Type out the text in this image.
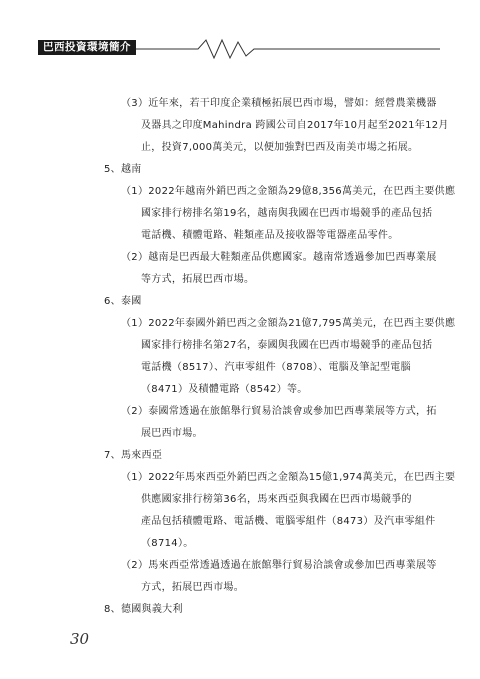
巴西投資環境簡介
（3）近年來，若干印度企業積極拓展巴西市場，譬如：經營農業機器
及器具之印度Mahindra 跨國公司自2017年10月起至2021年12月
止，投資7,000萬美元，以便加強對巴西及南美市場之拓展。
5、越南
（1）2022年越南外銷巴西之金額為29億8,356萬美元，在巴西主要供應
國家排行榜排名第19名，越南與我國在巴西市場競爭的產品包括
電話機、積體電路、鞋類產品及接收器等電器產品零件。
（2）越南是巴西最大鞋類產品供應國家。越南常透過參加巴西專業展
等方式，拓展巴西市場。
6、泰國
（1）2022年泰國外銷巴西之金額為21億7,795萬美元，在巴西主要供應
國家排行榜排名第27名，泰國與我國在巴西市場競爭的產品包括
電話機（8517）、汽車零組件（8708）、電腦及筆記型電腦
（8471）及積體電路（8542）等。
（2）泰國常透過在旅館舉行貿易洽談會或參加巴西專業展等方式，拓
展巴西市場。
7、馬來西亞
（1）2022年馬來西亞外銷巴西之金額為15億1,974萬美元，在巴西主要
供應國家排行榜第36名，馬來西亞與我國在巴西市場競爭的
產品包括積體電路、電話機、電腦零組件（8473）及汽車零組件
（8714）。
（2）馬來西亞常透過透過在旅館舉行貿易洽談會或參加巴西專業展等
方式，拓展巴西市場。
8、德國與義大利
30
